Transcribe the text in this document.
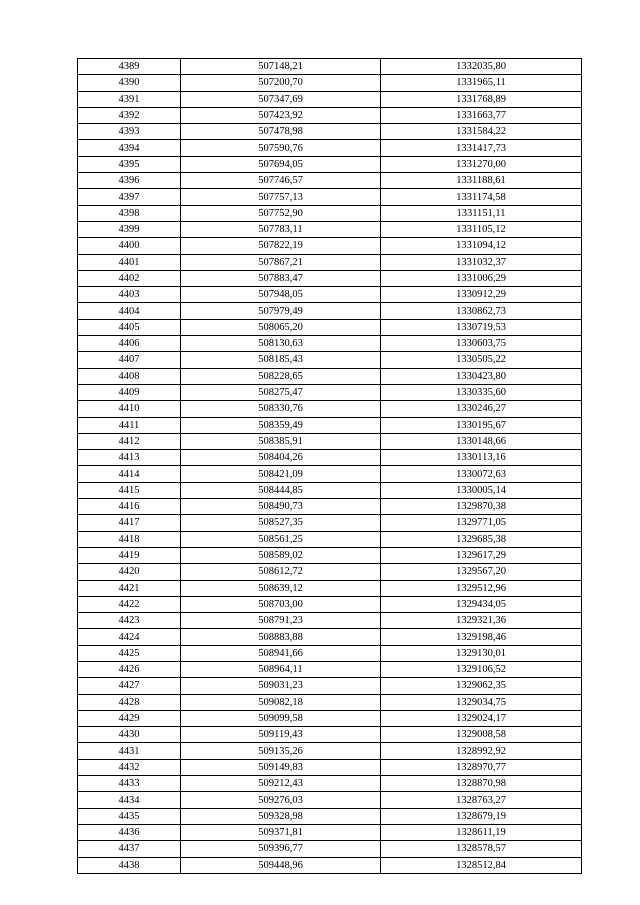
4389	507148,21	1332035,80
4390	507200,70	1331965,11
4391	507347,69	1331768,89
4392	507423,92	1331663,77
4393	507478,98	1331584,22
4394	507590,76	1331417,73
4395	507694,05	1331270,00
4396	507746,57	1331188,61
4397	507757,13	1331174,58
4398	507752,90	1331151,11
4399	507783,11	1331105,12
4400	507822,19	1331094,12
4401	507867,21	1331032,37
4402	507883,47	1331006,29
4403	507948,05	1330912,29
4404	507979,49	1330862,73
4405	508065,20	1330719,53
4406	508130,63	1330603,75
4407	508185,43	1330505,22
4408	508228,65	1330423,80
4409	508275,47	1330335,60
4410	508330,76	1330246,27
4411	508359,49	1330195,67
4412	508385,91	1330148,66
4413	508404,26	1330113,16
4414	508421,09	1330072,63
4415	508444,85	1330005,14
4416	508490,73	1329870,38
4417	508527,35	1329771,05
4418	508561,25	1329685,38
4419	508589,02	1329617,29
4420	508612,72	1329567,20
4421	508639,12	1329512,96
4422	508703,00	1329434,05
4423	508791,23	1329321,36
4424	508883,88	1329198,46
4425	508941,66	1329130,01
4426	508964,11	1329106,52
4427	509031,23	1329062,35
4428	509082,18	1329034,75
4429	509099,58	1329024,17
4430	509119,43	1329008,58
4431	509135,26	1328992,92
4432	509149,83	1328970,77
4433	509212,43	1328870,98
4434	509276,03	1328763,27
4435	509328,98	1328679,19
4436	509371,81	1328611,19
4437	509396,77	1328578,57
4438	509448,96	1328512,84
